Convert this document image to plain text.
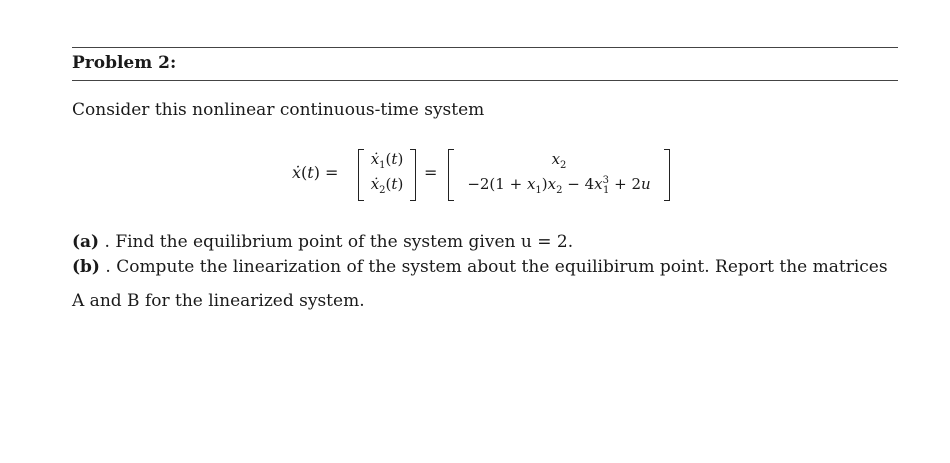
Problem 2:
Consider this nonlinear continuous-time system
ẋ(t) =
ẋ$_1$(t)
ẋ$_2$(t)
=
$x_2$
$-2(1 + x_1)x_2 - 4x^3_1 + 2u$
(a) . Find the equilibrium point of the system given u = 2.
(b) . Compute the linearization of the system about the equilibirum point. Report the matrices
A and B for the linearized system.
